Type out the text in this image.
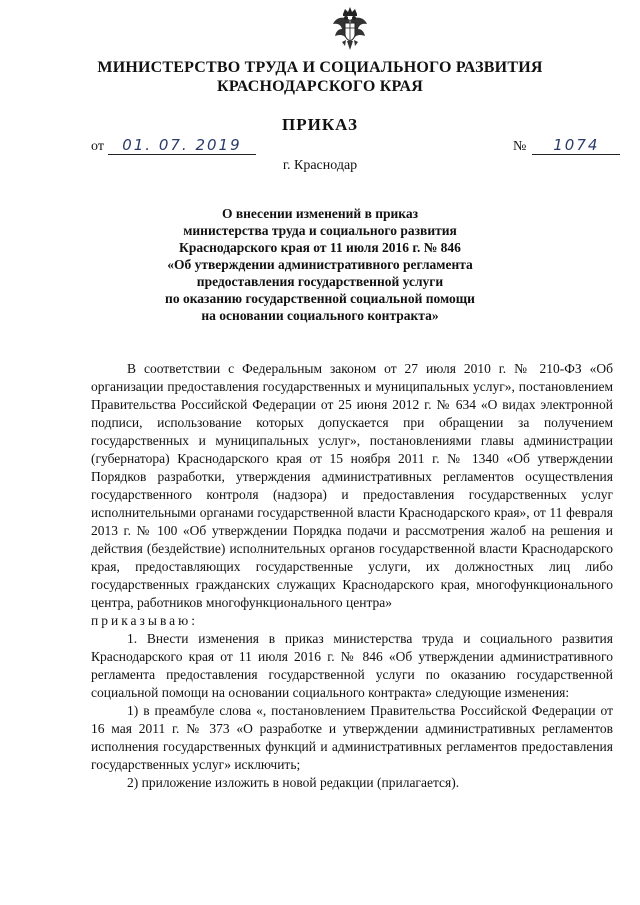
МИНИСТЕРСТВО ТРУДА И СОЦИАЛЬНОГО РАЗВИТИЯ
КРАСНОДАРСКОГО КРАЯ
ПРИКАЗ
от 01. 07. 2019	№ 1074
г. Краснодар
О внесении изменений в приказ
министерства труда и социального развития
Краснодарского края от 11 июля 2016 г. № 846
«Об утверждении административного регламента
предоставления государственной услуги
по оказанию государственной социальной помощи
на основании социального контракта»

В соответствии с Федеральным законом от 27 июля 2010 г. № 210-ФЗ «Об организации предоставления государственных и муниципальных услуг», постановлением Правительства Российской Федерации от 25 июня 2012 г. № 634 «О видах электронной подписи, использование которых допускается при обращении за получением государственных и муниципальных услуг», постановлениями главы администрации (губернатора) Краснодарского края от 15 ноября 2011 г. № 1340 «Об утверждении Порядков разработки, утверждения административных регламентов осуществления государственного контроля (надзора) и предоставления государственных услуг исполнительными органами государственной власти Краснодарского края», от 11 февраля 2013 г. № 100 «Об утверждении Порядка подачи и рассмотрения жалоб на решения и действия (бездействие) исполнительных органов государственной власти Краснодарского края, предоставляющих государственные услуги, их должностных лиц либо государственных гражданских служащих Краснодарского края, многофункционального центра, работников многофункционального центра»

приказываю:

1. Внести изменения в приказ министерства труда и социального развития Краснодарского края от 11 июля 2016 г. № 846 «Об утверждении административного регламента предоставления государственной услуги по оказанию государственной социальной помощи на основании социального контракта» следующие изменения:

1) в преамбуле слова «, постановлением Правительства Российской Федерации от 16 мая 2011 г. № 373 «О разработке и утверждении административных регламентов исполнения государственных функций и административных регламентов предоставления государственных услуг» исключить;

2) приложение изложить в новой редакции (прилагается).
